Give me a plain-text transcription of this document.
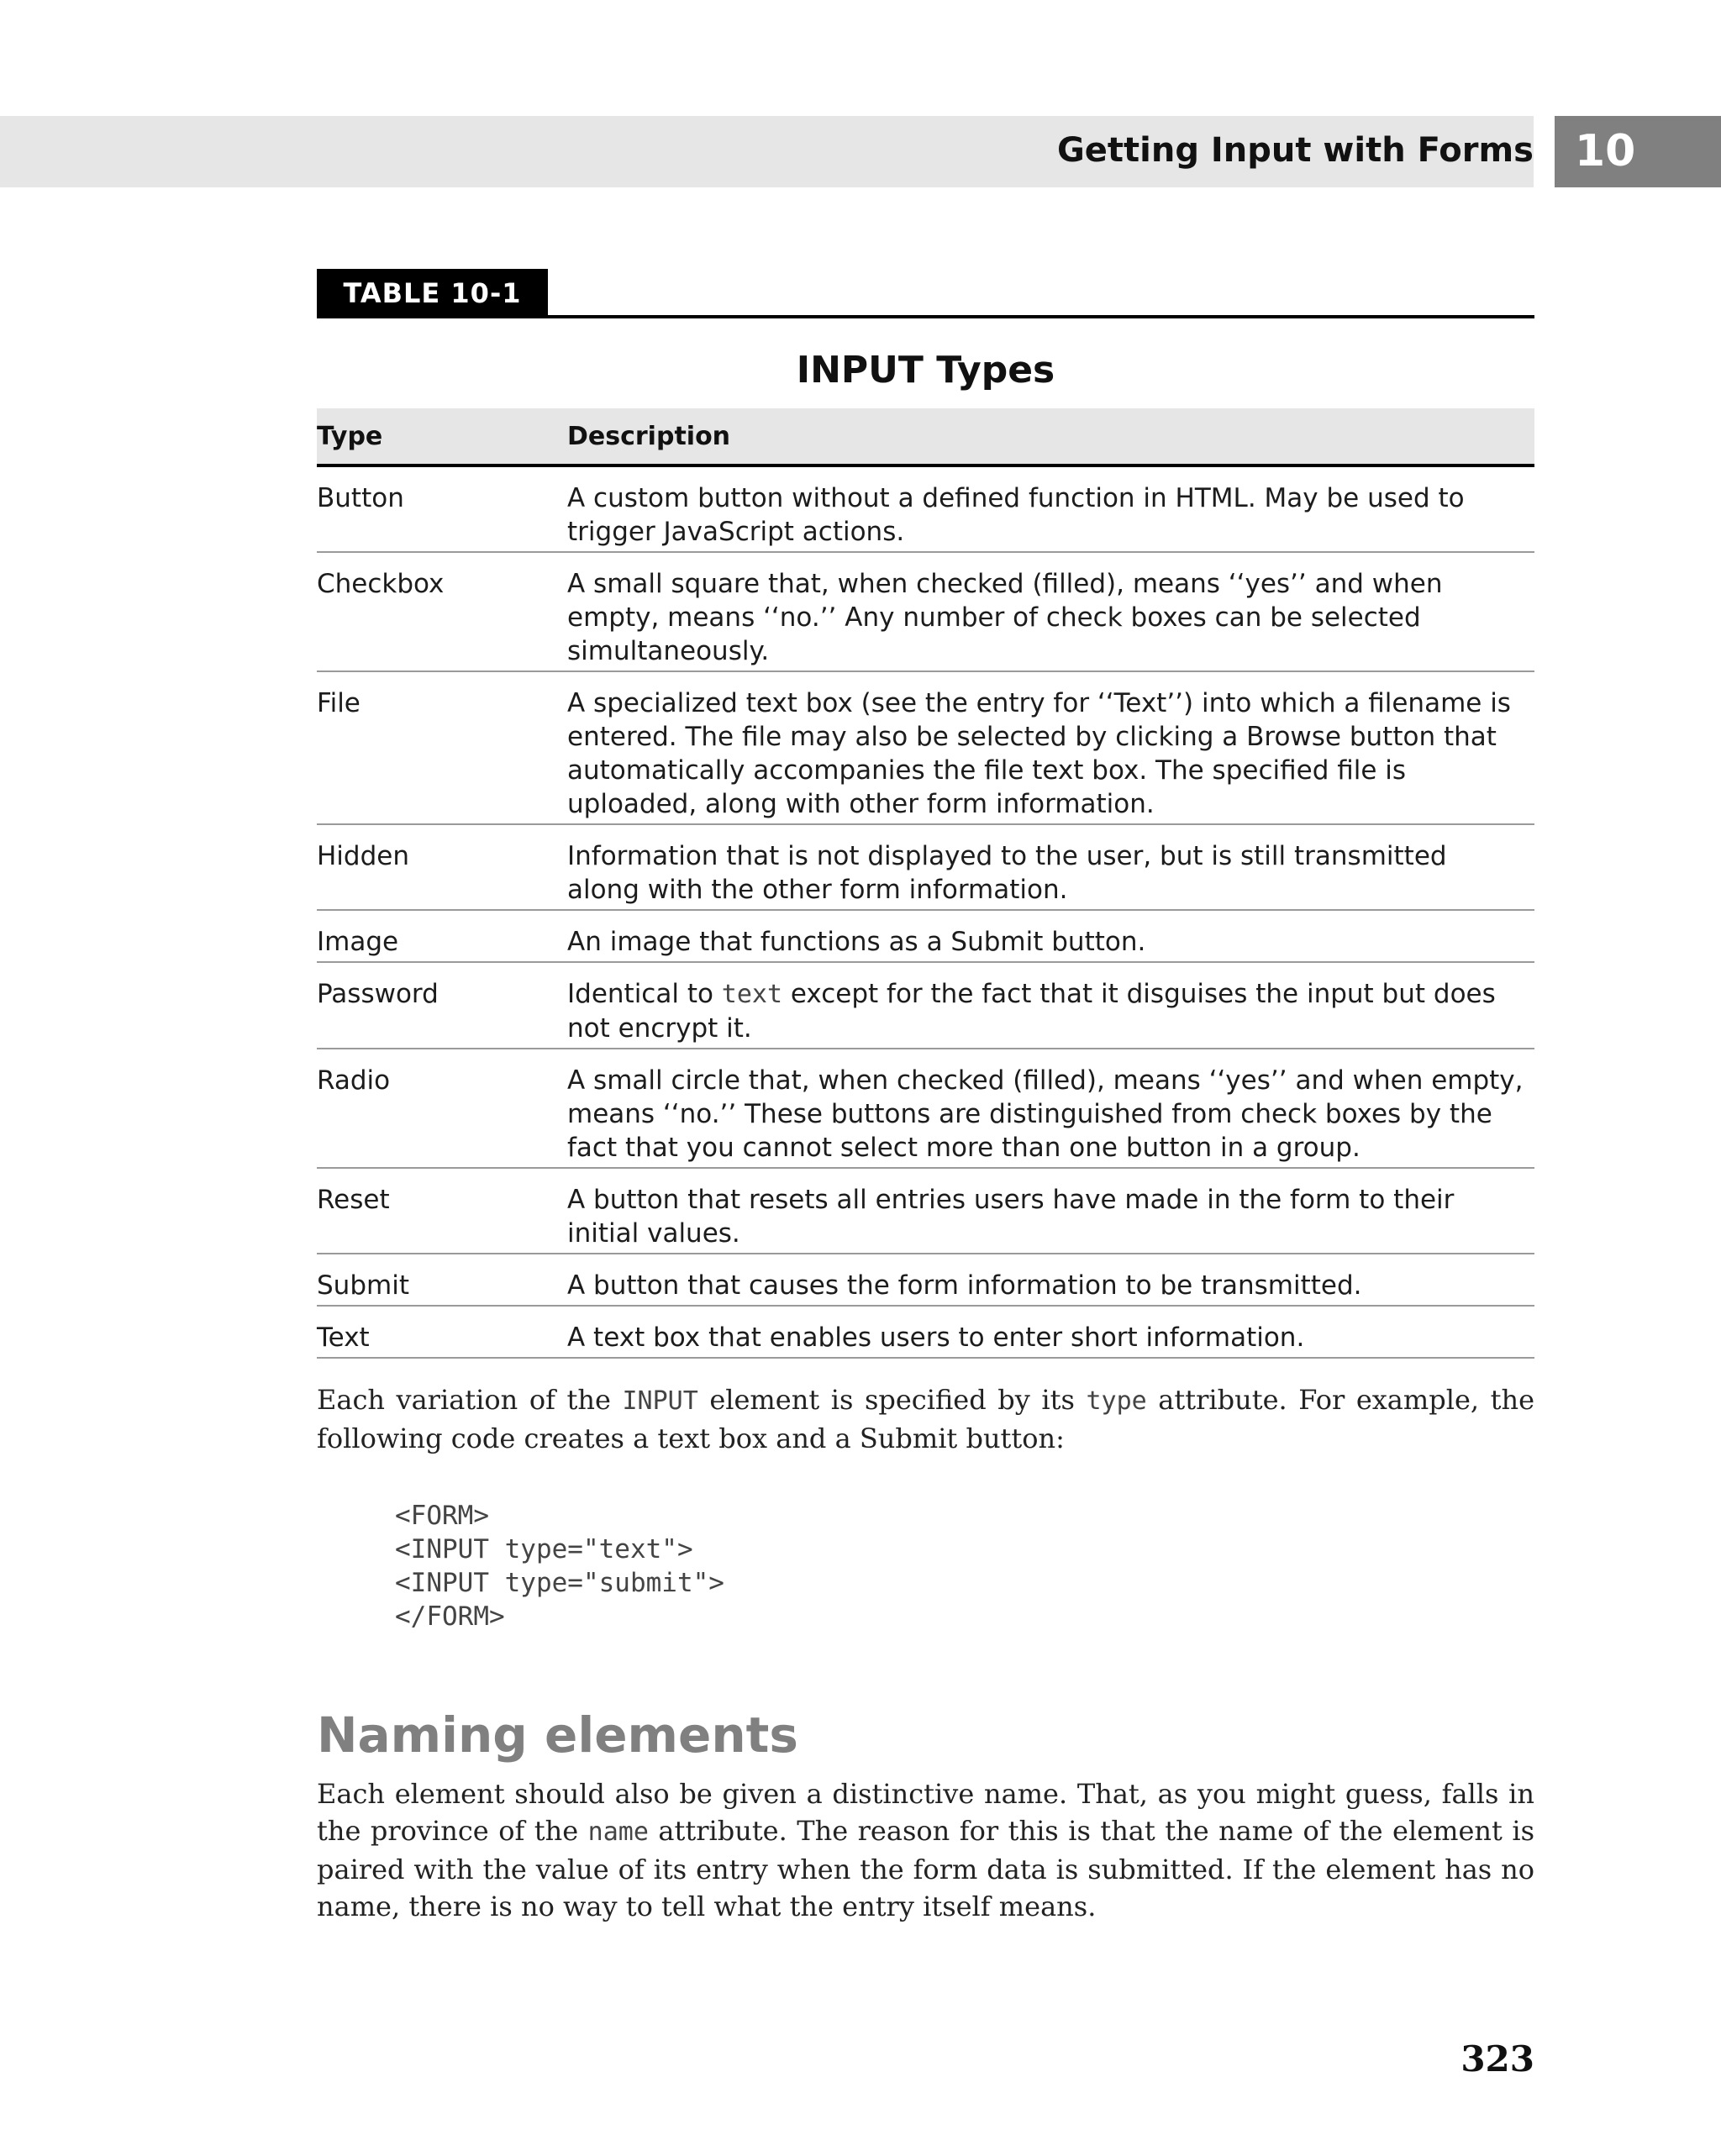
Getting Input with Forms 10
TABLE 10-1
INPUT Types
Type	Description
Button	A custom button without a defined function in HTML. May be used to trigger JavaScript actions.
Checkbox	A small square that, when checked (filled), means ‘‘yes’’ and when empty, means ‘‘no.’’ Any number of check boxes can be selected simultaneously.
File	A specialized text box (see the entry for ‘‘Text’’) into which a filename is entered. The file may also be selected by clicking a Browse button that automatically accompanies the file text box. The specified file is uploaded, along with other form information.
Hidden	Information that is not displayed to the user, but is still transmitted along with the other form information.
Image	An image that functions as a Submit button.
Password	Identical to text except for the fact that it disguises the input but does not encrypt it.
Radio	A small circle that, when checked (filled), means ‘‘yes’’ and when empty, means ‘‘no.’’ These buttons are distinguished from check boxes by the fact that you cannot select more than one button in a group.
Reset	A button that resets all entries users have made in the form to their initial values.
Submit	A button that causes the form information to be transmitted.
Text	A text box that enables users to enter short information.

Each variation of the INPUT element is specified by its type attribute. For example, the following code creates a text box and a Submit button:

<FORM>
<INPUT type="text">
<INPUT type="submit">
</FORM>
Naming elements

Each element should also be given a distinctive name. That, as you might guess, falls in the province of the name attribute. The reason for this is that the name of the element is paired with the value of its entry when the form data is submitted. If the element has no name, there is no way to tell what the entry itself means.

323
